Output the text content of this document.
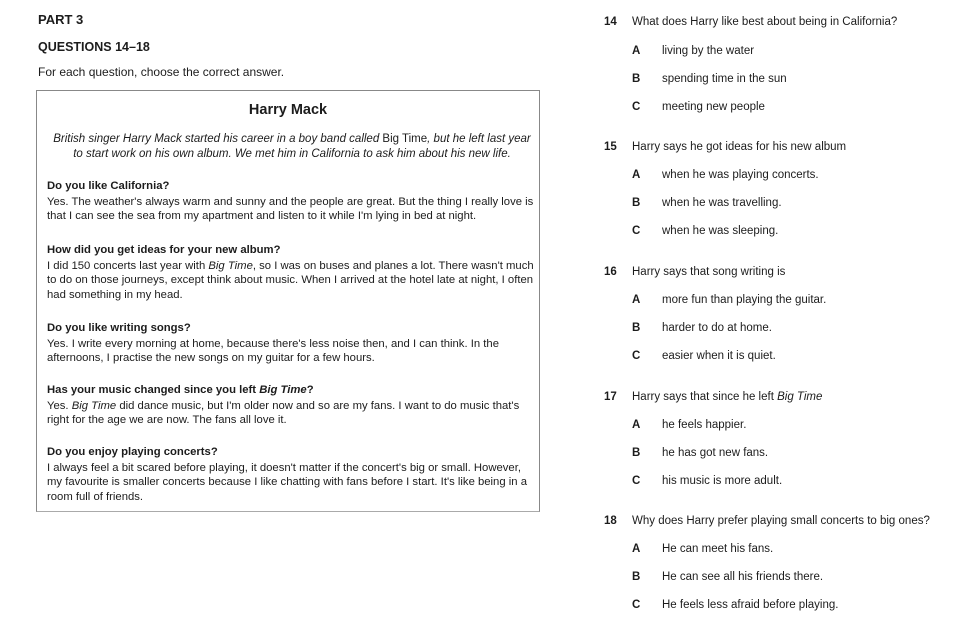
PART 3
QUESTIONS 14–18
For each question, choose the correct answer.
Harry Mack
British singer Harry Mack started his career in a boy band called Big Time, but he left last year to start work on his own album. We met him in California to ask him about his new life.
Do you like California?
Yes. The weather's always warm and sunny and the people are great. But the thing I really love is that I can see the sea from my apartment and listen to it while I'm lying in bed at night.
How did you get ideas for your new album?
I did 150 concerts last year with Big Time, so I was on buses and planes a lot. There wasn't much to do on those journeys, except think about music. When I arrived at the hotel late at night, I often had something in my head.
Do you like writing songs?
Yes. I write every morning at home, because there's less noise then, and I can think. In the afternoons, I practise the new songs on my guitar for a few hours.
Has your music changed since you left Big Time?
Yes. Big Time did dance music, but I'm older now and so are my fans. I want to do music that's right for the age we are now. The fans all love it.
Do you enjoy playing concerts?
I always feel a bit scared before playing, it doesn't matter if the concert's big or small. However, my favourite is smaller concerts because I like chatting with fans before I start. It's like being in a room full of friends.
14 What does Harry like best about being in California?
A living by the water
B spending time in the sun
C meeting new people
15 Harry says he got ideas for his new album
A when he was playing concerts.
B when he was travelling.
C when he was sleeping.
16 Harry says that song writing is
A more fun than playing the guitar.
B harder to do at home.
C easier when it is quiet.
17 Harry says that since he left Big Time
A he feels happier.
B he has got new fans.
C his music is more adult.
18 Why does Harry prefer playing small concerts to big ones?
A He can meet his fans.
B He can see all his friends there.
C He feels less afraid before playing.
